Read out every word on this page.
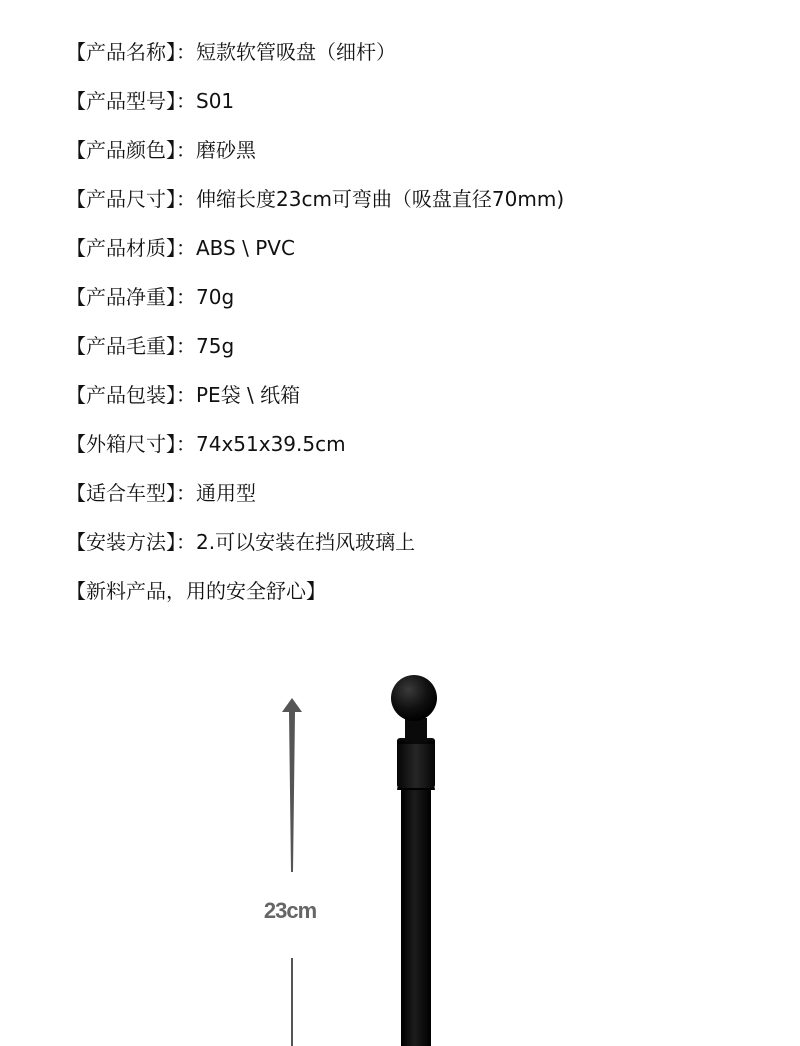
【产品名称】：短款软管吸盘（细杆）
【产品型号】：S01
【产品颜色】：磨砂黑
【产品尺寸】：伸缩长度23cm可弯曲（吸盘直径70mm)
【产品材质】：ABS \ PVC
【产品净重】：70g
【产品毛重】：75g
【产品包装】：PE袋 \ 纸箱
【外箱尺寸】：74x51x39.5cm
【适合车型】：通用型
【安装方法】：2.可以安装在挡风玻璃上
【新料产品，用的安全舒心】
23cm
